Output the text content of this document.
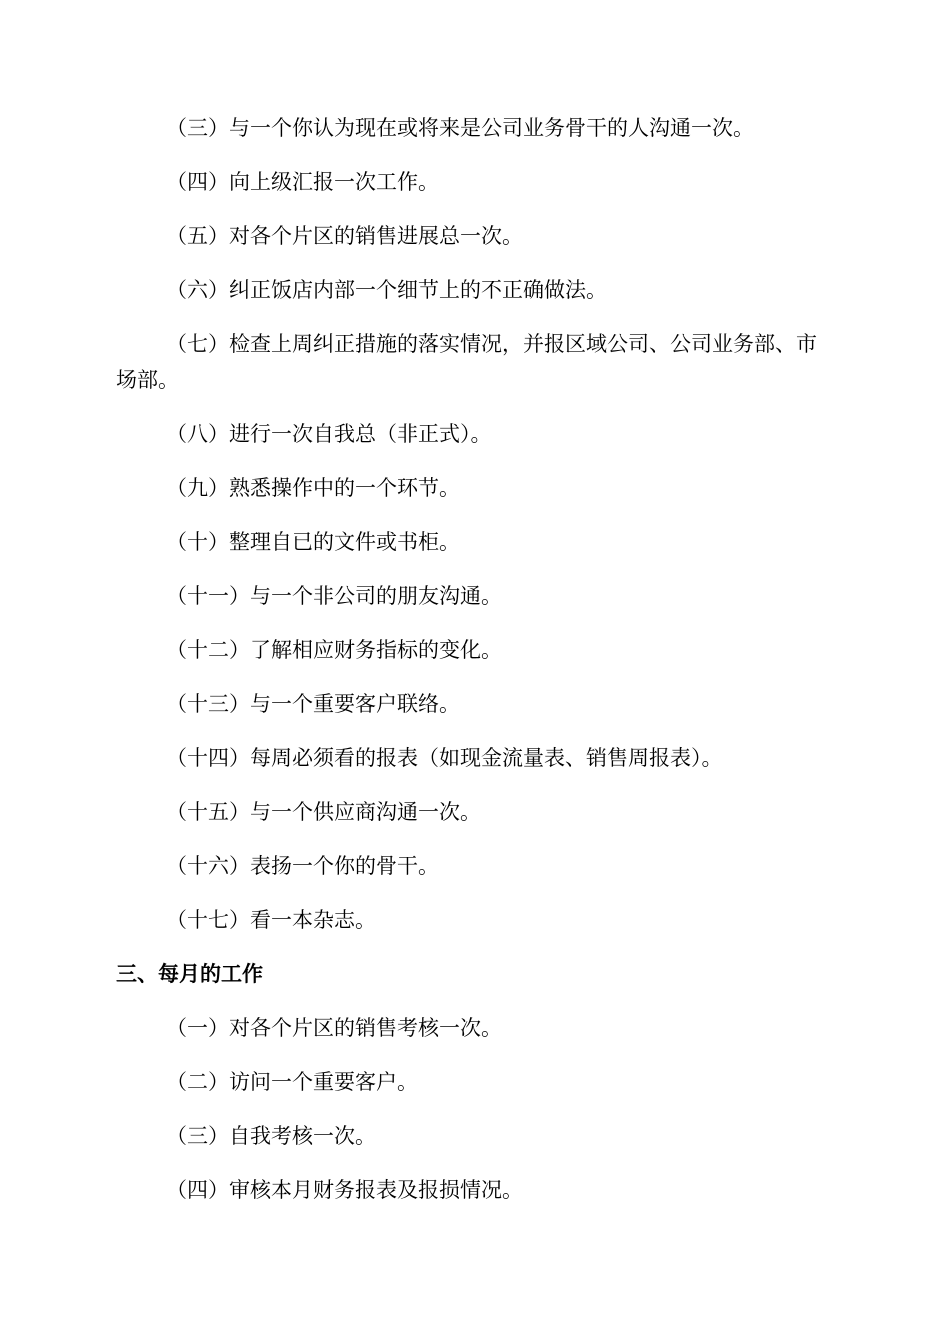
（三）与一个你认为现在或将来是公司业务骨干的人沟通一次。

（四）向上级汇报一次工作。

（五）对各个片区的销售进展总一次。

（六）纠正饭店内部一个细节上的不正确做法。

（七）检查上周纠正措施的落实情况，并报区域公司、公司业务部、市场部。

（八）进行一次自我总（非正式）。

（九）熟悉操作中的一个环节。

（十）整理自已的文件或书柜。

（十一）与一个非公司的朋友沟通。

（十二）了解相应财务指标的变化。

（十三）与一个重要客户联络。

（十四）每周必须看的报表（如现金流量表、销售周报表）。

（十五）与一个供应商沟通一次。

（十六）表扬一个你的骨干。

（十七）看一本杂志。

三、每月的工作

（一）对各个片区的销售考核一次。

（二）访问一个重要客户。

（三）自我考核一次。

（四）审核本月财务报表及报损情况。
